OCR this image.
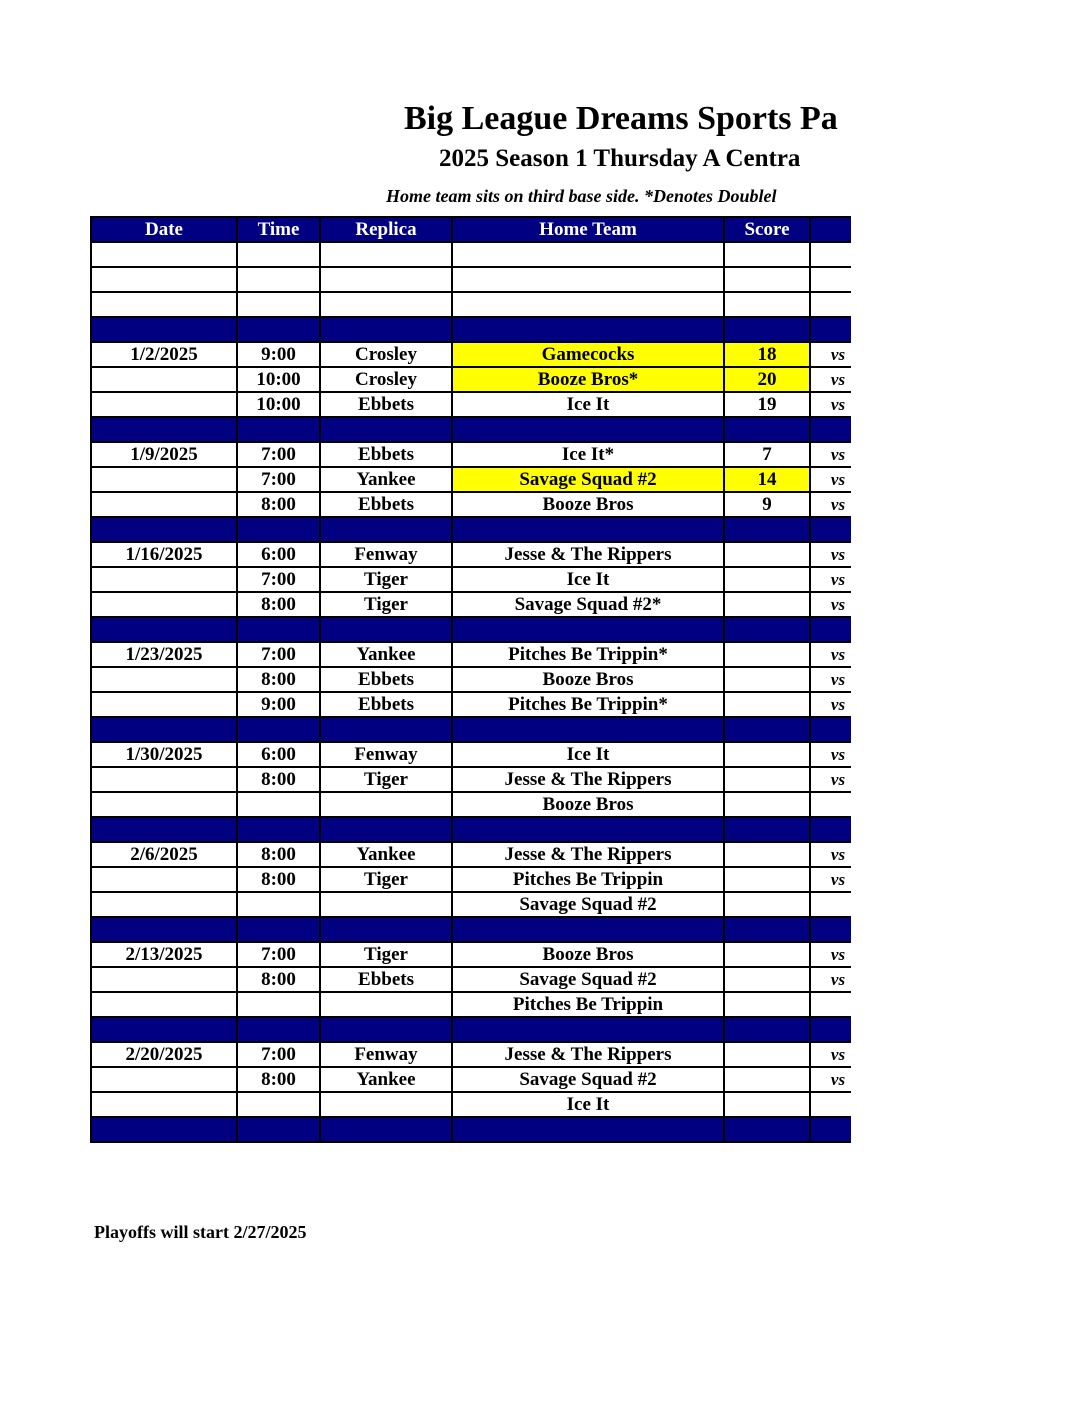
Big League Dreams Sports Pa
2025 Season 1 Thursday A Centra
Home team sits on third base side. *Denotes Doublel
Date	Time	Replica	Home Team	Score	

1/2/2025	9:00	Crosley	Gamecocks	18	vs
	10:00	Crosley	Booze Bros*	20	vs
	10:00	Ebbets	Ice It	19	vs

1/9/2025	7:00	Ebbets	Ice It*	7	vs
	7:00	Yankee	Savage Squad #2	14	vs
	8:00	Ebbets	Booze Bros	9	vs

1/16/2025	6:00	Fenway	Jesse & The Rippers		vs
	7:00	Tiger	Ice It		vs
	8:00	Tiger	Savage Squad #2*		vs

1/23/2025	7:00	Yankee	Pitches Be Trippin*		vs
	8:00	Ebbets	Booze Bros		vs
	9:00	Ebbets	Pitches Be Trippin*		vs

1/30/2025	6:00	Fenway	Ice It		vs
	8:00	Tiger	Jesse & The Rippers		vs
			Booze Bros		

2/6/2025	8:00	Yankee	Jesse & The Rippers		vs
	8:00	Tiger	Pitches Be Trippin		vs
			Savage Squad #2		

2/13/2025	7:00	Tiger	Booze Bros		vs
	8:00	Ebbets	Savage Squad #2		vs
			Pitches Be Trippin		

2/20/2025	7:00	Fenway	Jesse & The Rippers		vs
	8:00	Yankee	Savage Squad #2		vs
			Ice It		

Playoffs will start 2/27/2025
